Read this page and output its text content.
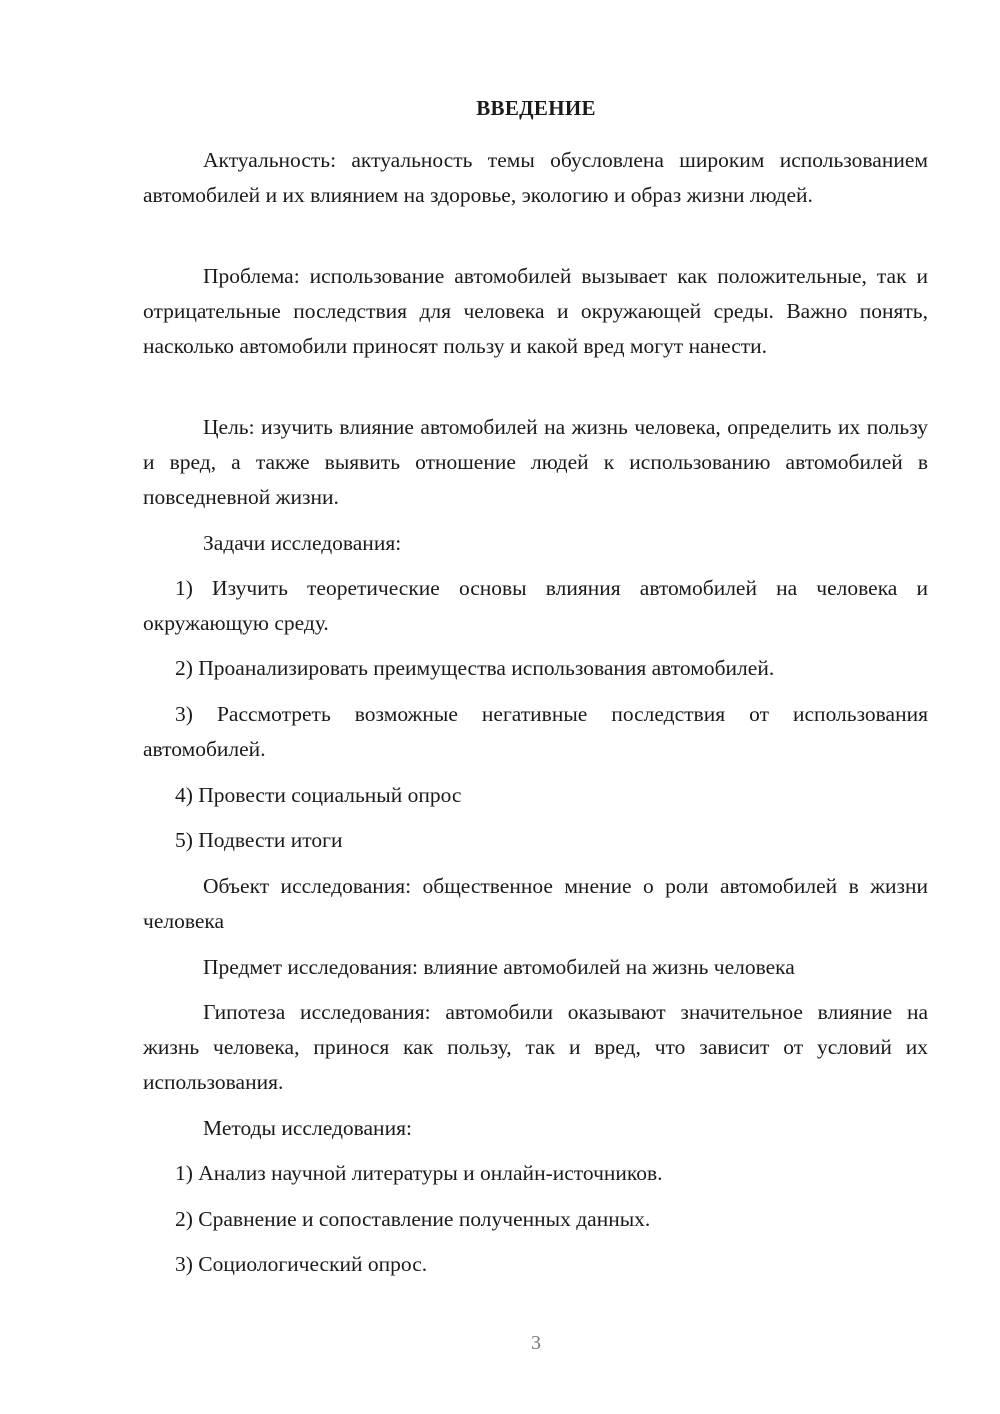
ВВЕДЕНИЕ

Актуальность: актуальность темы обусловлена широким использованием автомобилей и их влиянием на здоровье, экологию и образ жизни людей.

Проблема: использование автомобилей вызывает как положительные, так и отрицательные последствия для человека и окружающей среды. Важно понять, насколько автомобили приносят пользу и какой вред могут нанести.

Цель: изучить влияние автомобилей на жизнь человека, определить их пользу и вред, а также выявить отношение людей к использованию автомобилей в повседневной жизни.

Задачи исследования:

1) Изучить теоретические основы влияния автомобилей на человека и окружающую среду.

2) Проанализировать преимущества использования автомобилей.

3) Рассмотреть возможные негативные последствия от использования автомобилей.

4) Провести социальный опрос

5) Подвести итоги

Объект исследования: общественное мнение о роли автомобилей в жизни человека

Предмет исследования: влияние автомобилей на жизнь человека

Гипотеза исследования: автомобили оказывают значительное влияние на жизнь человека, принося как пользу, так и вред, что зависит от условий их использования.

Методы исследования:

1) Анализ научной литературы и онлайн-источников.

2) Сравнение и сопоставление полученных данных.

3) Социологический опрос.

3
